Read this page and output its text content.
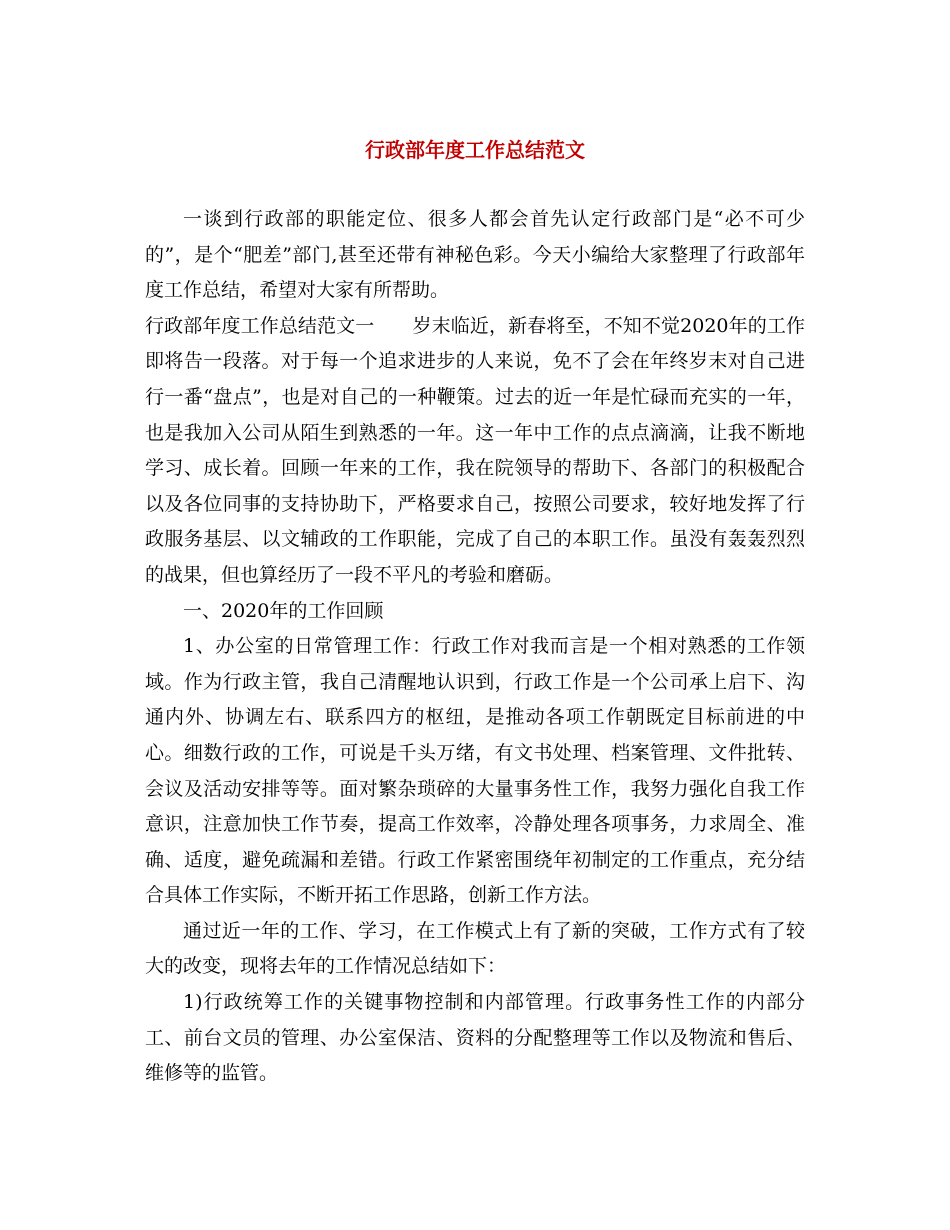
行政部年度工作总结范文

一谈到行政部的职能定位、很多人都会首先认定行政部门是“必不可少的”，是个“肥差”部门,甚至还带有神秘色彩。今天小编给大家整理了行政部年度工作总结，希望对大家有所帮助。

行政部年度工作总结范文一 岁末临近，新春将至，不知不觉2020年的工作即将告一段落。对于每一个追求进步的人来说，免不了会在年终岁末对自己进行一番“盘点”，也是对自己的一种鞭策。过去的近一年是忙碌而充实的一年，也是我加入公司从陌生到熟悉的一年。这一年中工作的点点滴滴，让我不断地学习、成长着。回顾一年来的工作，我在院领导的帮助下、各部门的积极配合以及各位同事的支持协助下，严格要求自己，按照公司要求，较好地发挥了行政服务基层、以文辅政的工作职能，完成了自己的本职工作。虽没有轰轰烈烈的战果，但也算经历了一段不平凡的考验和磨砺。

一、2020年的工作回顾

1、办公室的日常管理工作：行政工作对我而言是一个相对熟悉的工作领域。作为行政主管，我自己清醒地认识到，行政工作是一个公司承上启下、沟通内外、协调左右、联系四方的枢纽，是推动各项工作朝既定目标前进的中心。细数行政的工作，可说是千头万绪，有文书处理、档案管理、文件批转、会议及活动安排等等。面对繁杂琐碎的大量事务性工作，我努力强化自我工作意识，注意加快工作节奏，提高工作效率，冷静处理各项事务，力求周全、准确、适度，避免疏漏和差错。行政工作紧密围绕年初制定的工作重点，充分结合具体工作实际，不断开拓工作思路，创新工作方法。

通过近一年的工作、学习，在工作模式上有了新的突破，工作方式有了较大的改变，现将去年的工作情况总结如下：

1)行政统筹工作的关键事物控制和内部管理。行政事务性工作的内部分工、前台文员的管理、办公室保洁、资料的分配整理等工作以及物流和售后、维修等的监管。
